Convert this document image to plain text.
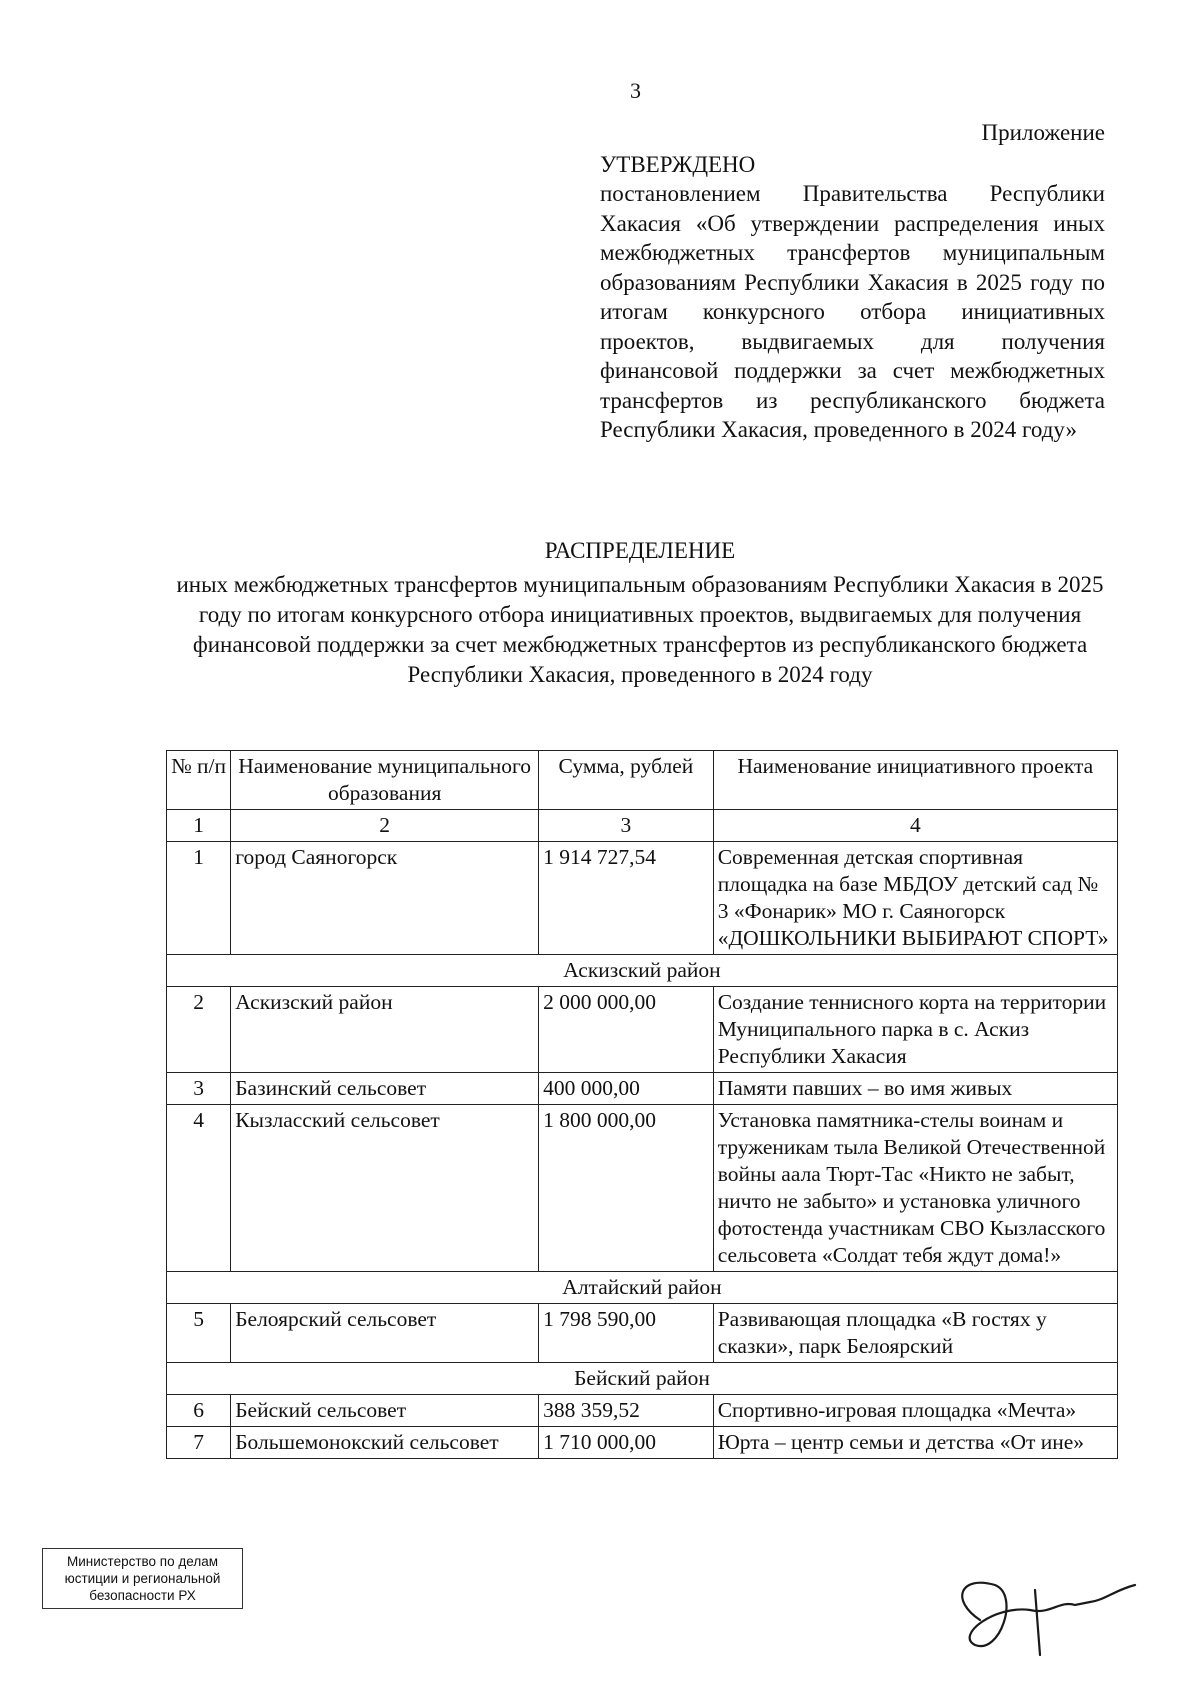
3
Приложение
УТВЕРЖДЕНО
постановлением Правительства Республики Хакасия «Об утверждении распределения иных межбюджетных трансфертов муниципальным образованиям Республики Хакасия в 2025 году по итогам конкурсного отбора инициативных проектов, выдвигаемых для получения финансовой поддержки за счет межбюджетных трансфертов из республиканского бюджета Республики Хакасия, проведенного в 2024 году»
РАСПРЕДЕЛЕНИЕ
иных межбюджетных трансфертов муниципальным образованиям Республики Хакасия в 2025 году по итогам конкурсного отбора инициативных проектов, выдвигаемых для получения финансовой поддержки за счет межбюджетных трансфертов из республиканского бюджета Республики Хакасия, проведенного в 2024 году
№ п/п	Наименование муниципального образования	Сумма, рублей	Наименование инициативного проекта
1	2	3	4
1	город Саяногорск	1 914 727,54	Современная детская спортивная площадка на базе МБДОУ детский сад № 3 «Фонарик» МО г. Саяногорск «ДОШКОЛЬНИКИ ВЫБИРАЮТ СПОРТ»
Аскизский район			
2	Аскизский район	2 000 000,00	Создание теннисного корта на территории Муниципального парка в с. Аскиз Республики Хакасия
3	Базинский сельсовет	400 000,00	Памяти павших – во имя живых
4	Кызласский сельсовет	1 800 000,00	Установка памятника-стелы воинам и труженикам тыла Великой Отечественной войны аала Тюрт-Тас «Никто не забыт, ничто не забыто» и установка уличного фотостенда участникам СВО Кызласского сельсовета «Солдат тебя ждут дома!»
Алтайский район			
5	Белоярский сельсовет	1 798 590,00	Развивающая площадка «В гостях у сказки», парк Белоярский
Бейский район			
6	Бейский сельсовет	388 359,52	Спортивно-игровая площадка «Мечта»
7	Большемонокский сельсовет	1 710 000,00	Юрта – центр семьи и детства «От ине»
Министерство по делам
юстиции и региональной
безопасности РХ
